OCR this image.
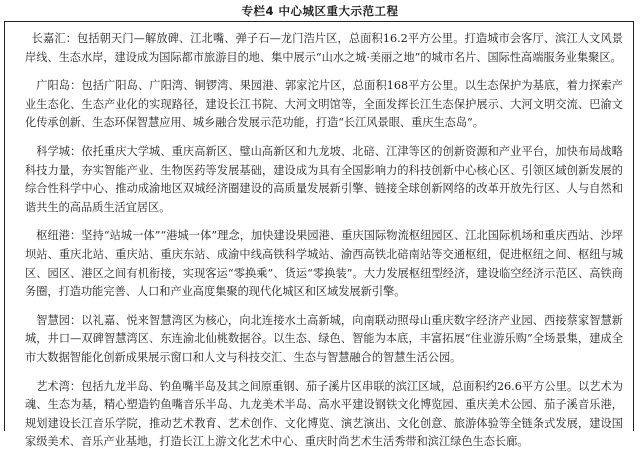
专栏4 中心城区重大示范工程

长嘉汇：包括朝天门—解放碑、江北嘴、弹子石—龙门浩片区，总面积16.2平方公里。打造城市会客厅、滨江人文风景岸线、生态水岸，建设成为国际都市旅游目的地、集中展示“山水之城·美丽之地”的城市名片、国际性高端服务业集聚区。

广阳岛：包括广阳岛、广阳湾、铜锣湾、果园港、郭家沱片区，总面积168平方公里。以生态保护为基底，着力探索产业生态化、生态产业化的实现路径，建设长江书院、大河文明馆等，全面发挥长江生态保护展示、大河文明交流、巴渝文化传承创新、生态环保智慧应用、城乡融合发展示范功能，打造“长江风景眼、重庆生态岛”。

科学城：依托重庆大学城、重庆高新区、璧山高新区和九龙坡、北碚、江津等区的创新资源和产业平台，加快布局战略科技力量，夯实智能产业、生物医药等发展基础，建设成为具有全国影响力的科技创新中心核心区、引领区域创新发展的综合性科学中心、推动成渝地区双城经济圈建设的高质量发展新引擎、链接全球创新网络的改革开放先行区、人与自然和谐共生的高品质生活宜居区。

枢纽港：坚持“站城一体”“港城一体”理念，加快建设果园港、重庆国际物流枢纽园区、江北国际机场和重庆西站、沙坪坝站、重庆北站、重庆站、重庆东站、成渝中线高铁科学城站、渝西高铁北碚南站等交通枢纽，促进枢纽之间、枢纽与城区、园区、港区之间有机衔接，实现客运“零换乘”、货运“零换装”。大力发展枢纽型经济，建设临空经济示范区、高铁商务圈，打造功能完善、人口和产业高度集聚的现代化城区和区域发展新引擎。

智慧园：以礼嘉、悦来智慧湾区为核心，向北连接水土高新城，向南联动照母山重庆数字经济产业园、西接蔡家智慧新城，井口—双碑智慧湾区、东连渝北仙桃数据谷。以生态、绿色、智能为本底，丰富拓展“住业游乐购”全场景集，建成全市大数据智能化创新成果展示窗口和人文与科技交汇、生态与智慧融合的智慧生活公园。

艺术湾：包括九龙半岛、钓鱼嘴半岛及其之间原重钢、茄子溪片区串联的滨江区域，总面积约26.6平方公里。以艺术为魂、生态为基，精心塑造钓鱼嘴音乐半岛、九龙美术半岛、高水平建设钢铁文化博览园、重庆美术公园、茄子溪音乐港，规划建设长江音乐学院，推动艺术教育、艺术创作、文化博览、演艺演出、文化创意、旅游体验等全链条式发展，建设国家级美术、音乐产业基地，打造长江上游文化艺术中心、重庆时尚艺术生活秀带和滨江绿色生态长廊。
